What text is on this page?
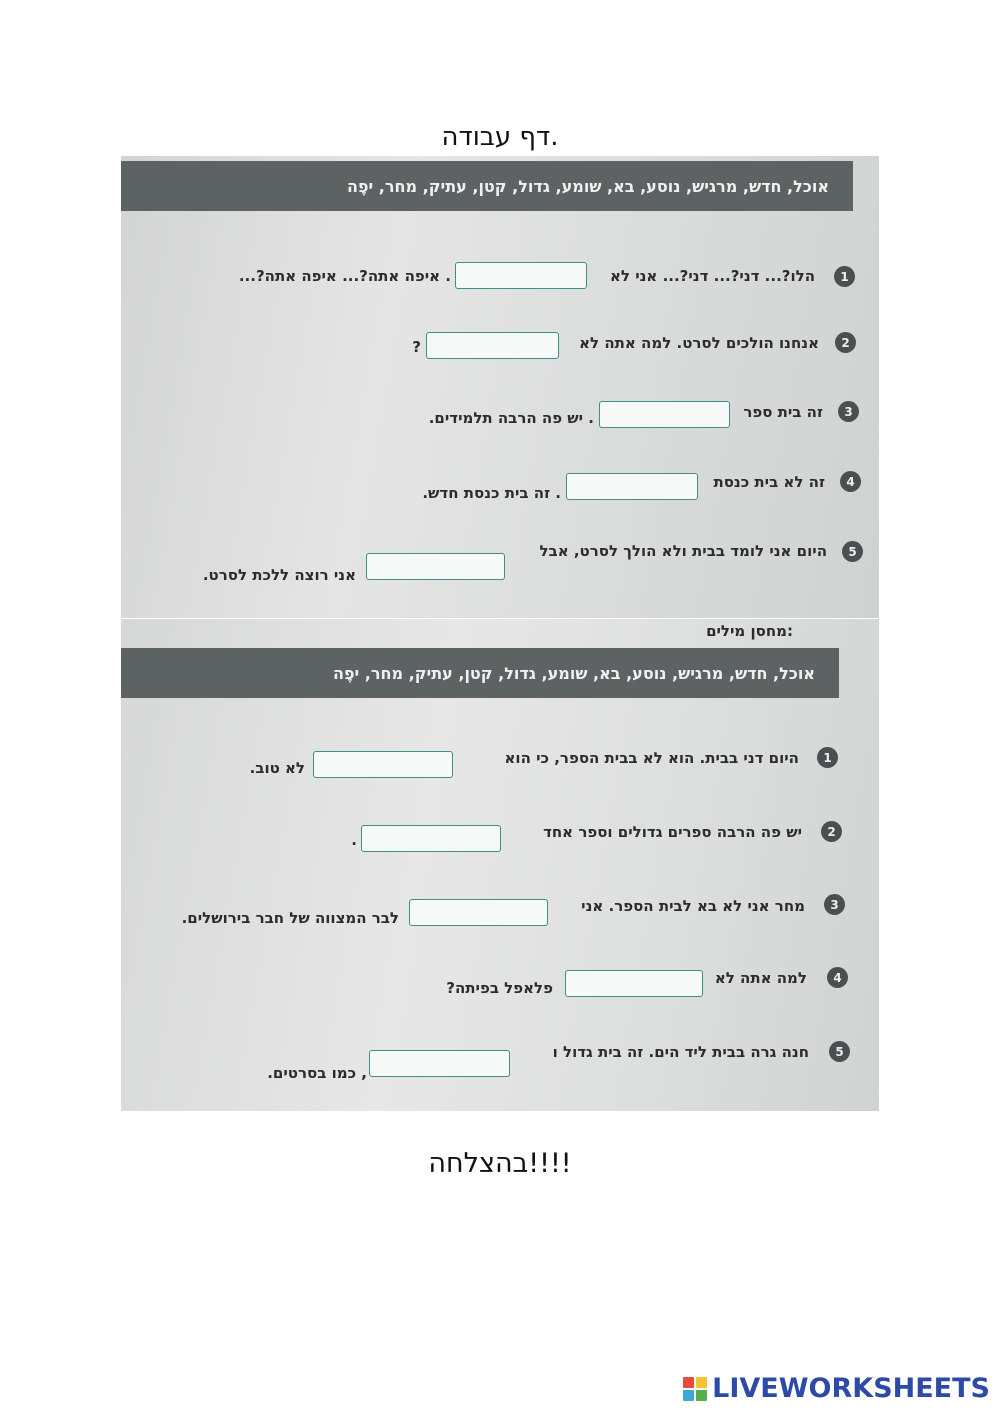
דף עבודה.
אוכל, חדש, מרגיש, נוסע, בא, שומע, גדול, קטן, עתיק, מחר, יפֶה
1
הלו?... דני?... דני?... אני לא
. איפה אתה?... איפה אתה?...
2
אנחנו הולכים לסרט. למה אתה לא
?
3
זה בית ספר
. יש פה הרבה תלמידים.
4
זה לא בית כנסת
. זה בית כנסת חדש.
5
היום אני לומד בבית ולא הולך לסרט, אבל
אני רוצה ללכת לסרט.
מחסן מילים:
אוכל, חדש, מרגיש, נוסע, בא, שומע, גדול, קטן, עתיק, מחר, יפֶה
1
היום דני בבית. הוא לא בבית הספר, כי הוא
לא טוב.
2
יש פה הרבה ספרים גדולים וספר אחד
.
3
מחר אני לא בא לבית הספר. אני
לבר המצווה של חבר בירושלים.
4
למה אתה לא
פלאפל בפיתה?
5
חנה גרה בבית ליד הים. זה בית גדול ו
, כמו בסרטים.
בהצלחה!!!!
LIVEWORKSHEETS
